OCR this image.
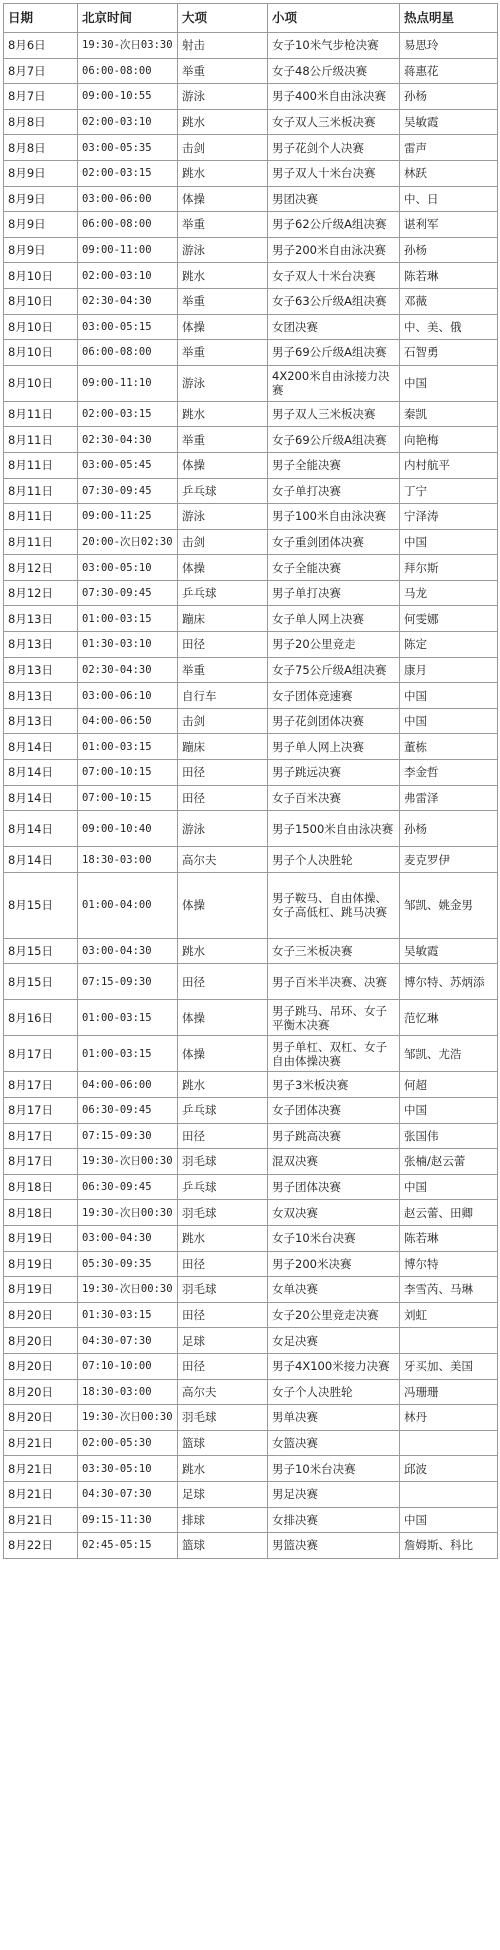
日期	北京时间	大项	小项	热点明星
8月6日	19:30-次日03:30	射击	女子10米气步枪决赛	易思玲
8月7日	06:00-08:00	举重	女子48公斤级决赛	蒋惠花
8月7日	09:00-10:55	游泳	男子400米自由泳决赛	孙杨
8月8日	02:00-03:10	跳水	女子双人三米板决赛	吴敏霞
8月8日	03:00-05:35	击剑	男子花剑个人决赛	雷声
8月9日	02:00-03:15	跳水	男子双人十米台决赛	林跃
8月9日	03:00-06:00	体操	男团决赛	中、日
8月9日	06:00-08:00	举重	男子62公斤级A组决赛	谌利军
8月9日	09:00-11:00	游泳	男子200米自由泳决赛	孙杨
8月10日	02:00-03:10	跳水	女子双人十米台决赛	陈若琳
8月10日	02:30-04:30	举重	女子63公斤级A组决赛	邓薇
8月10日	03:00-05:15	体操	女团决赛	中、美、俄
8月10日	06:00-08:00	举重	男子69公斤级A组决赛	石智勇
8月10日	09:00-11:10	游泳	4X200米自由泳接力决赛	中国
8月11日	02:00-03:15	跳水	男子双人三米板决赛	秦凯
8月11日	02:30-04:30	举重	女子69公斤级A组决赛	向艳梅
8月11日	03:00-05:45	体操	男子全能决赛	内村航平
8月11日	07:30-09:45	乒乓球	女子单打决赛	丁宁
8月11日	09:00-11:25	游泳	男子100米自由泳决赛	宁泽涛
8月11日	20:00-次日02:30	击剑	女子重剑团体决赛	中国
8月12日	03:00-05:10	体操	女子全能决赛	拜尔斯
8月12日	07:30-09:45	乒乓球	男子单打决赛	马龙
8月13日	01:00-03:15	蹦床	女子单人网上决赛	何雯娜
8月13日	01:30-03:10	田径	男子20公里竞走	陈定
8月13日	02:30-04:30	举重	女子75公斤级A组决赛	康月
8月13日	03:00-06:10	自行车	女子团体竞速赛	中国
8月13日	04:00-06:50	击剑	男子花剑团体决赛	中国
8月14日	01:00-03:15	蹦床	男子单人网上决赛	董栋
8月14日	07:00-10:15	田径	男子跳远决赛	李金哲
8月14日	07:00-10:15	田径	女子百米决赛	弗雷泽
8月14日	09:00-10:40	游泳	男子1500米自由泳决赛	孙杨
8月14日	18:30-03:00	高尔夫	男子个人决胜轮	麦克罗伊
8月15日	01:00-04:00	体操	男子鞍马、自由体操、女子高低杠、跳马决赛	邹凯、姚金男
8月15日	03:00-04:30	跳水	女子三米板决赛	吴敏霞
8月15日	07:15-09:30	田径	男子百米半决赛、决赛	博尔特、苏炳添
8月16日	01:00-03:15	体操	男子跳马、吊环、女子平衡木决赛	范忆琳
8月17日	01:00-03:15	体操	男子单杠、双杠、女子自由体操决赛	邹凯、尤浩
8月17日	04:00-06:00	跳水	男子3米板决赛	何超
8月17日	06:30-09:45	乒乓球	女子团体决赛	中国
8月17日	07:15-09:30	田径	男子跳高决赛	张国伟
8月17日	19:30-次日00:30	羽毛球	混双决赛	张楠/赵云蕾
8月18日	06:30-09:45	乒乓球	男子团体决赛	中国
8月18日	19:30-次日00:30	羽毛球	女双决赛	赵云蕾、田卿
8月19日	03:00-04:30	跳水	女子10米台决赛	陈若琳
8月19日	05:30-09:35	田径	男子200米决赛	博尔特
8月19日	19:30-次日00:30	羽毛球	女单决赛	李雪芮、马琳
8月20日	01:30-03:15	田径	女子20公里竞走决赛	刘虹
8月20日	04:30-07:30	足球	女足决赛	
8月20日	07:10-10:00	田径	男子4X100米接力决赛	牙买加、美国
8月20日	18:30-03:00	高尔夫	女子个人决胜轮	冯珊珊
8月20日	19:30-次日00:30	羽毛球	男单决赛	林丹
8月21日	02:00-05:30	篮球	女篮决赛	
8月21日	03:30-05:10	跳水	男子10米台决赛	邱波
8月21日	04:30-07:30	足球	男足决赛	
8月21日	09:15-11:30	排球	女排决赛	中国
8月22日	02:45-05:15	篮球	男篮决赛	詹姆斯、科比
